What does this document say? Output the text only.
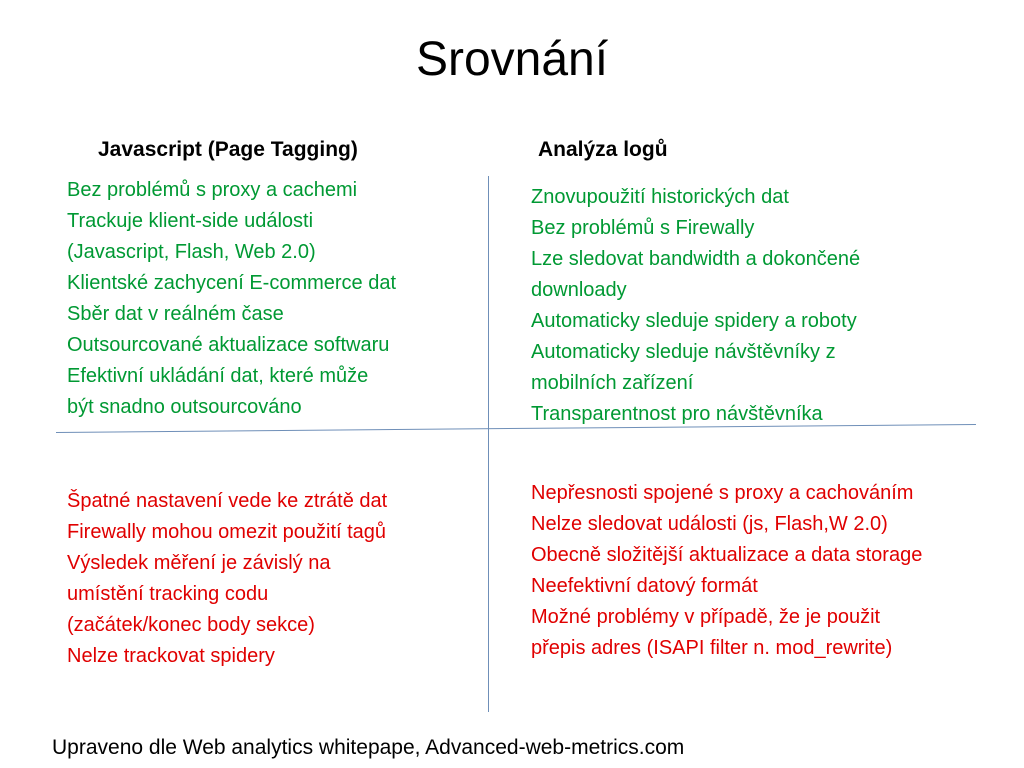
Srovnání
Javascript (Page Tagging)	Analýza logů
Bez problémů s proxy a cachemi
Trackuje klient-side události
(Javascript, Flash, Web 2.0)
Klientské zachycení E-commerce dat
Sběr dat v reálném čase
Outsourcované aktualizace softwaru
Efektivní ukládání dat, které může
být snadno outsourcováno
Znovupoužití historických dat
Bez problémů s Firewally
Lze sledovat bandwidth a dokončené
downloady
Automaticky sleduje spidery a roboty
Automaticky sleduje návštěvníky z
mobilních zařízení
Transparentnost pro návštěvníka
Špatné nastavení vede ke ztrátě dat
Firewally mohou omezit použití tagů
Výsledek měření je závislý na
umístění tracking codu
(začátek/konec body sekce)
Nelze trackovat spidery
Nepřesnosti spojené s proxy a cachováním
Nelze sledovat události (js, Flash,W 2.0)
Obecně složitější aktualizace a data storage
Neefektivní datový formát
Možné problémy v případě, že je použit
přepis adres (ISAPI filter n. mod_rewrite)
Upraveno dle Web analytics whitepape, Advanced-web-metrics.com
